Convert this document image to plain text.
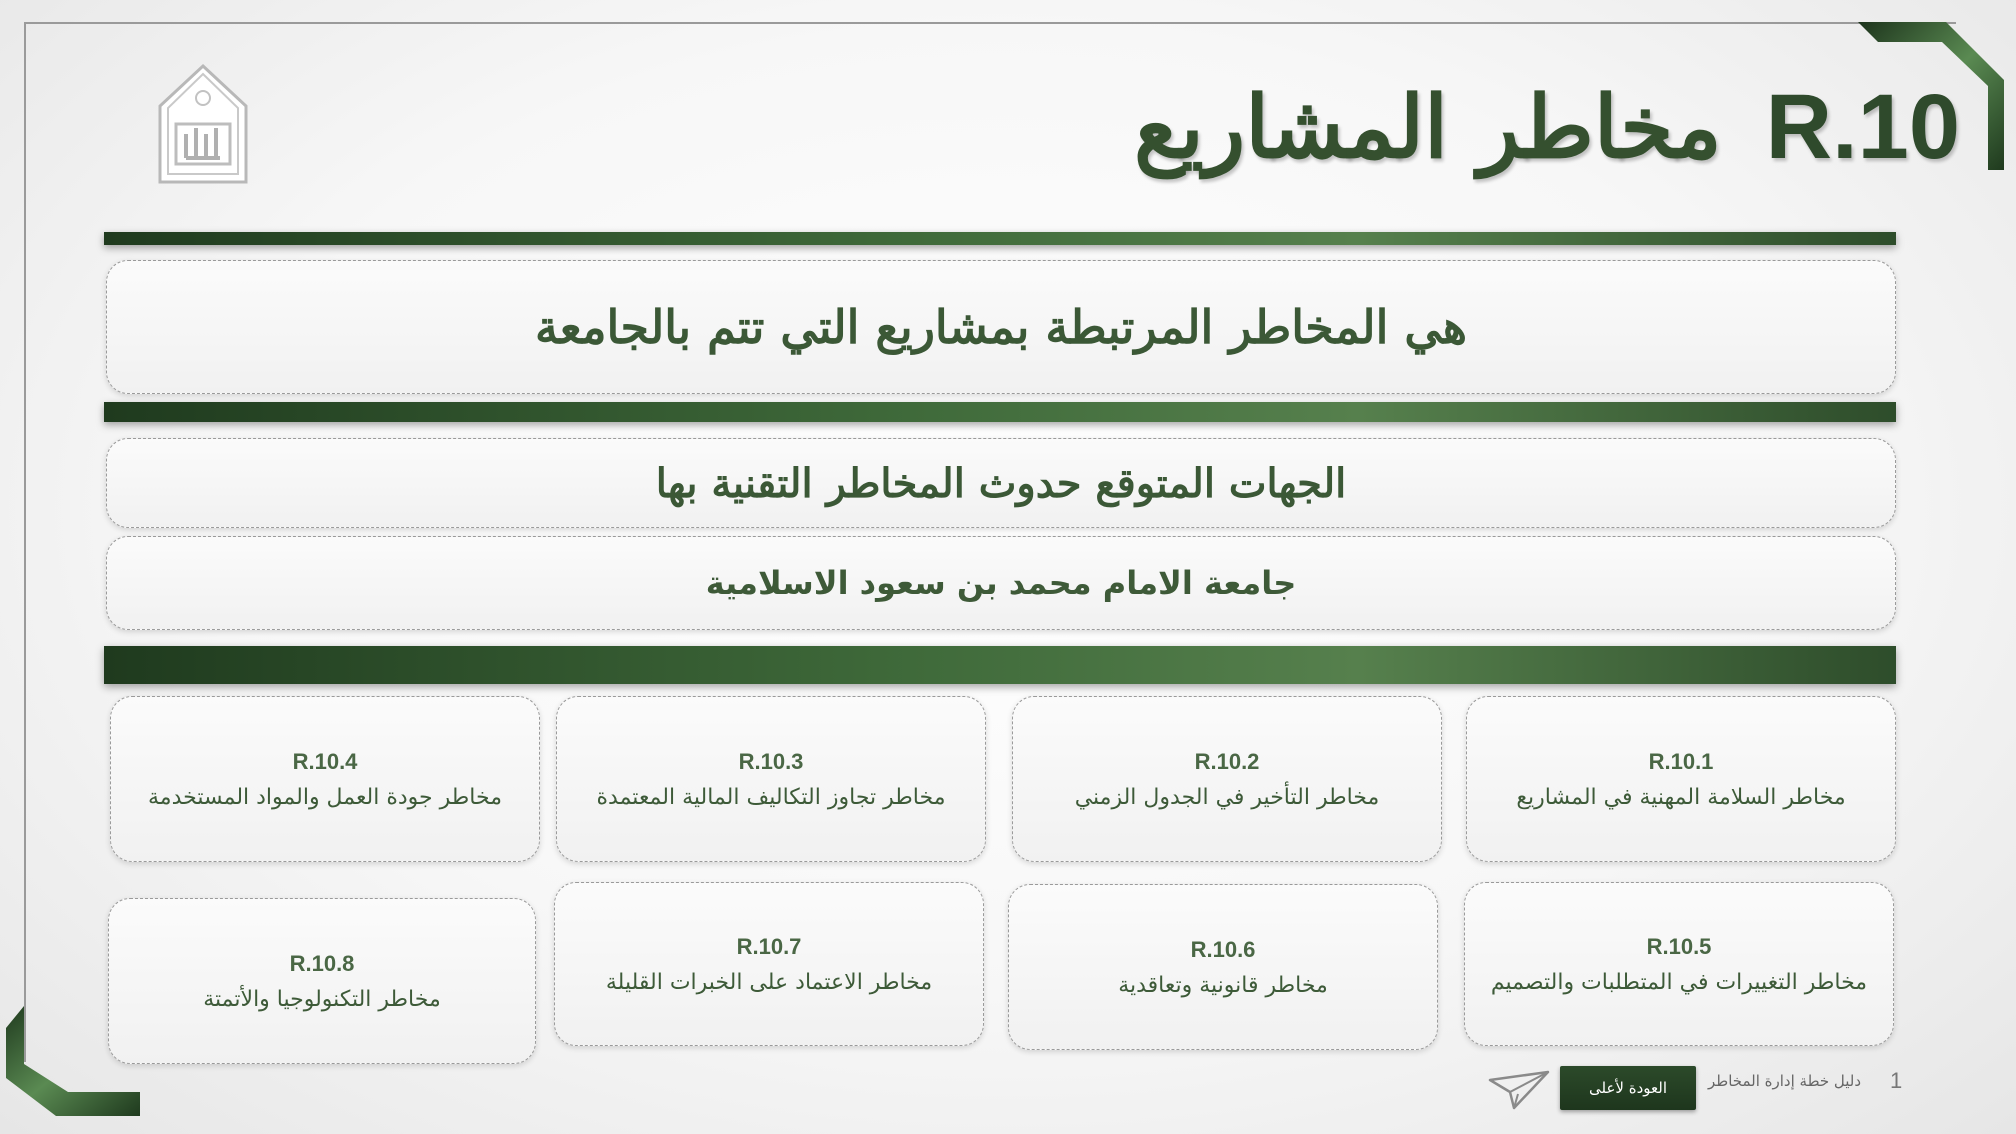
مخاطر المشاريع R.10
هي المخاطر المرتبطة بمشاريع التي تتم بالجامعة
الجهات المتوقع حدوث المخاطر التقنية بها
جامعة الامام محمد بن سعود الاسلامية
R.10.1
مخاطر السلامة المهنية في المشاريع
R.10.2
مخاطر التأخير في الجدول الزمني
R.10.3
مخاطر تجاوز التكاليف المالية المعتمدة
R.10.4
مخاطر جودة العمل والمواد المستخدمة
R.10.5
مخاطر التغييرات في المتطلبات والتصميم
R.10.6
مخاطر قانونية وتعاقدية
R.10.7
مخاطر الاعتماد على الخبرات القليلة
R.10.8
مخاطر التكنولوجيا والأتمتة
العودة لأعلى	دليل خطة إدارة المخاطر 1
